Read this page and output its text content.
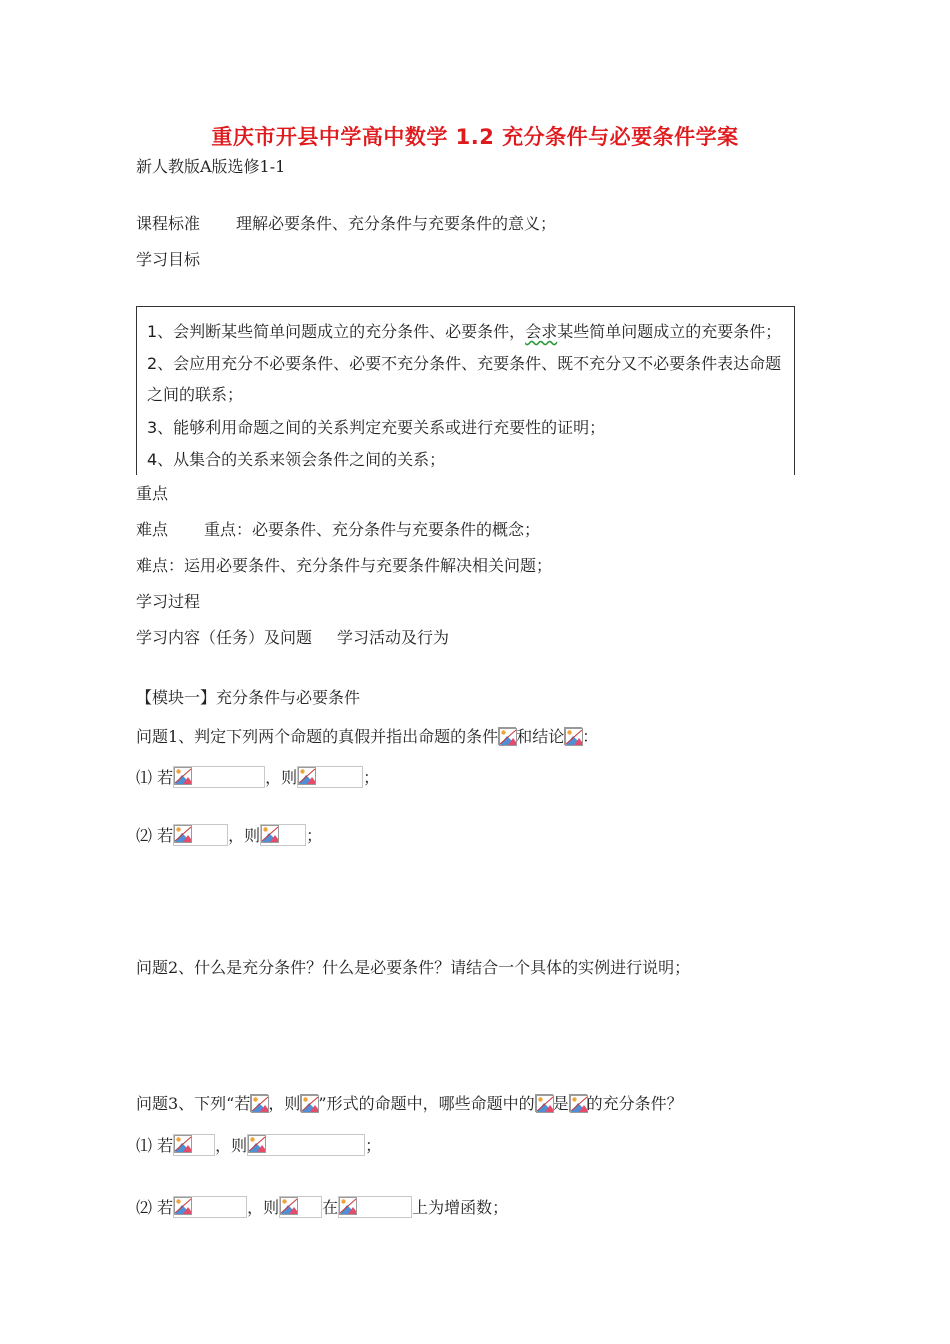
重庆市开县中学高中数学 1.2 充分条件与必要条件学案
新人教版A版选修1-1
课程标准 理解必要条件、充分条件与充要条件的意义；
学习目标
1、会判断某些简单问题成立的充分条件、必要条件，会求某些简单问题成立的充要条件；
2、会应用充分不必要条件、必要不充分条件、充要条件、既不充分又不必要条件表达命题
之间的联系；
3、能够利用命题之间的关系判定充要关系或进行充要性的证明；
4、从集合的关系来领会条件之间的关系；
重点
难点 重点：必要条件、充分条件与充要条件的概念；
难点：运用必要条件、充分条件与充要条件解决相关问题；
学习过程
学习内容（任务）及问题 学习活动及行为
【模块一】充分条件与必要条件
问题1、判定下列两个命题的真假并指出命题的条件 和结论 ：
⑴ 若	，则	；
⑵ 若	，则	；
问题2、什么是充分条件？什么是必要条件？请结合一个具体的实例进行说明；
问题3、下列“若 ，则 ”形式的命题中，哪些命题中的 是 的充分条件？
⑴ 若	，则	；
⑵ 若	，则	在	上为增函数；
